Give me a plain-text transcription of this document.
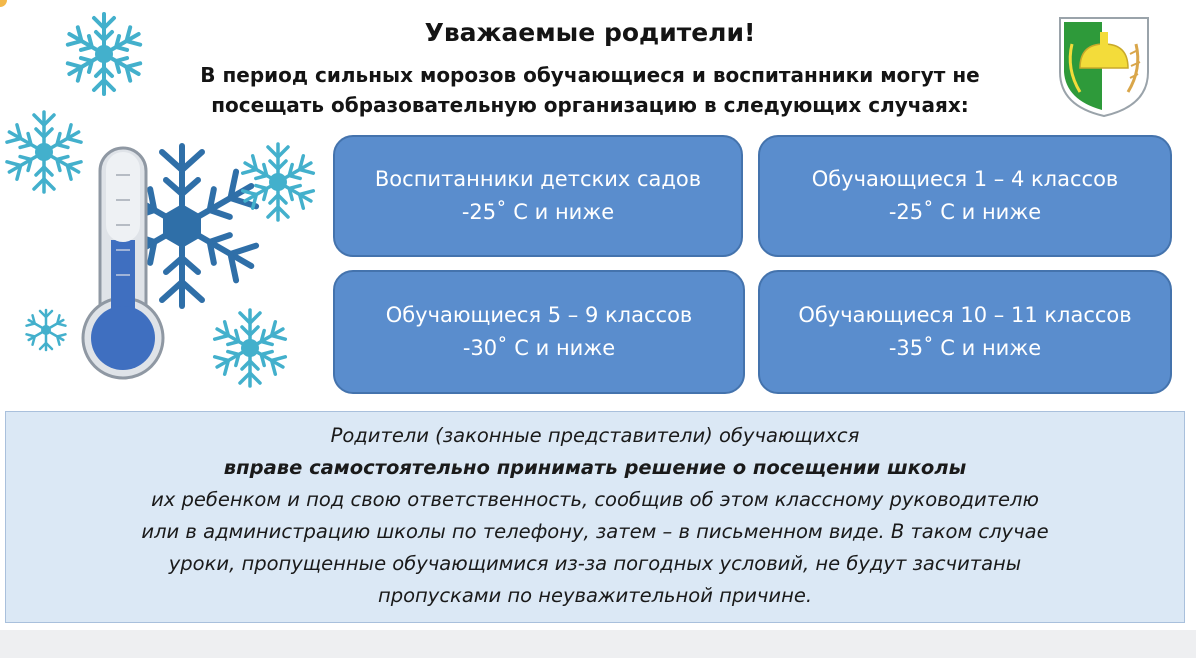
Уважаемые родители!
В период сильных морозов обучающиеся и воспитанники могут не
посещать образовательную организацию в следующих случаях:
Воспитанники детских садов
-25˚ С и ниже
Обучающиеся 1 – 4 классов
-25˚ С и ниже
Обучающиеся 5 – 9 классов
-30˚ С и ниже
Обучающиеся 10 – 11 классов
-35˚ С и ниже
Родители (законные представители) обучающихся
вправе самостоятельно принимать решение о посещении школы
их ребенком и под свою ответственность, сообщив об этом классному руководителю
или в администрацию школы по телефону, затем – в письменном виде. В таком случае
уроки, пропущенные обучающимися из-за погодных условий, не будут засчитаны
пропусками по неуважительной причине.
